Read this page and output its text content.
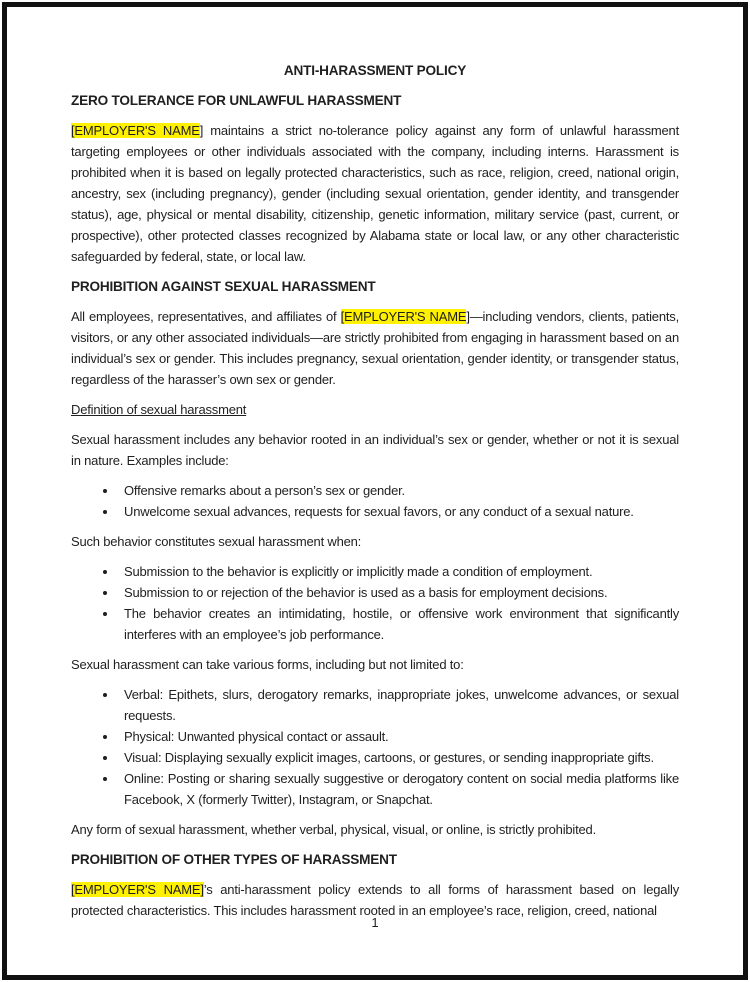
ANTI-HARASSMENT POLICY
ZERO TOLERANCE FOR UNLAWFUL HARASSMENT

[EMPLOYER'S NAME] maintains a strict no-tolerance policy against any form of unlawful harassment targeting employees or other individuals associated with the company, including interns. Harassment is prohibited when it is based on legally protected characteristics, such as race, religion, creed, national origin, ancestry, sex (including pregnancy), gender (including sexual orientation, gender identity, and transgender status), age, physical or mental disability, citizenship, genetic information, military service (past, current, or prospective), other protected classes recognized by Alabama state or local law, or any other characteristic safeguarded by federal, state, or local law.

PROHIBITION AGAINST SEXUAL HARASSMENT

All employees, representatives, and affiliates of [EMPLOYER'S NAME]—including vendors, clients, patients, visitors, or any other associated individuals—are strictly prohibited from engaging in harassment based on an individual’s sex or gender. This includes pregnancy, sexual orientation, gender identity, or transgender status, regardless of the harasser’s own sex or gender.

Definition of sexual harassment

Sexual harassment includes any behavior rooted in an individual’s sex or gender, whether or not it is sexual in nature. Examples include:

• Offensive remarks about a person’s sex or gender.
• Unwelcome sexual advances, requests for sexual favors, or any conduct of a sexual nature.

Such behavior constitutes sexual harassment when:

• Submission to the behavior is explicitly or implicitly made a condition of employment.
• Submission to or rejection of the behavior is used as a basis for employment decisions.
• The behavior creates an intimidating, hostile, or offensive work environment that significantly interferes with an employee’s job performance.

Sexual harassment can take various forms, including but not limited to:

• Verbal: Epithets, slurs, derogatory remarks, inappropriate jokes, unwelcome advances, or sexual requests.
• Physical: Unwanted physical contact or assault.
• Visual: Displaying sexually explicit images, cartoons, or gestures, or sending inappropriate gifts.
• Online: Posting or sharing sexually suggestive or derogatory content on social media platforms like Facebook, X (formerly Twitter), Instagram, or Snapchat.

Any form of sexual harassment, whether verbal, physical, visual, or online, is strictly prohibited.

PROHIBITION OF OTHER TYPES OF HARASSMENT

[EMPLOYER'S NAME]’s anti-harassment policy extends to all forms of harassment based on legally protected characteristics. This includes harassment rooted in an employee’s race, religion, creed, national

1
